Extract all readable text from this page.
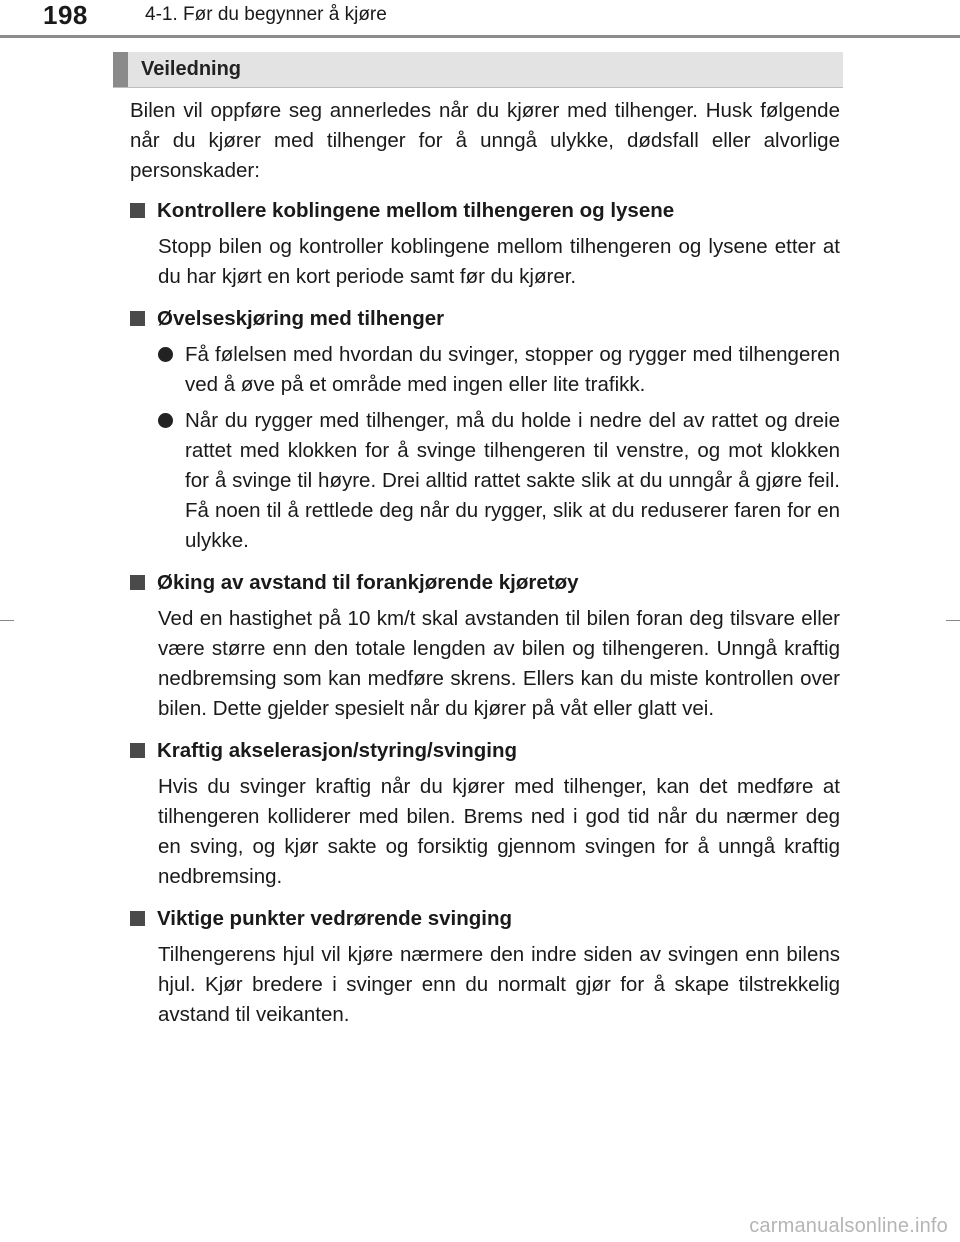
198	4-1. Før du begynner å kjøre
Veiledning

Bilen vil oppføre seg annerledes når du kjører med tilhenger. Husk følgende når du kjører med tilhenger for å unngå ulykke, dødsfall eller alvorlige personskader:

Kontrollere koblingene mellom tilhengeren og lysene

Stopp bilen og kontroller koblingene mellom tilhengeren og lysene etter at du har kjørt en kort periode samt før du kjører.

Øvelseskjøring med tilhenger
Få følelsen med hvordan du svinger, stopper og rygger med tilhengeren ved å øve på et område med ingen eller lite trafikk.
Når du rygger med tilhenger, må du holde i nedre del av rattet og dreie rattet med klokken for å svinge tilhengeren til venstre, og mot klokken for å svinge til høyre. Drei alltid rattet sakte slik at du unngår å gjøre feil. Få noen til å rettlede deg når du rygger, slik at du reduserer faren for en ulykke.
Øking av avstand til forankjørende kjøretøy

Ved en hastighet på 10 km/t skal avstanden til bilen foran deg tilsvare eller være større enn den totale lengden av bilen og tilhengeren. Unngå kraftig nedbremsing som kan medføre skrens. Ellers kan du miste kontrollen over bilen. Dette gjelder spesielt når du kjører på våt eller glatt vei.

Kraftig akselerasjon/styring/svinging

Hvis du svinger kraftig når du kjører med tilhenger, kan det medføre at tilhengeren kolliderer med bilen. Brems ned i god tid når du nærmer deg en sving, og kjør sakte og forsiktig gjennom svingen for å unngå kraftig nedbremsing.

Viktige punkter vedrørende svinging

Tilhengerens hjul vil kjøre nærmere den indre siden av svingen enn bilens hjul. Kjør bredere i svinger enn du normalt gjør for å skape tilstrekkelig avstand til veikanten.

carmanualsonline.info
